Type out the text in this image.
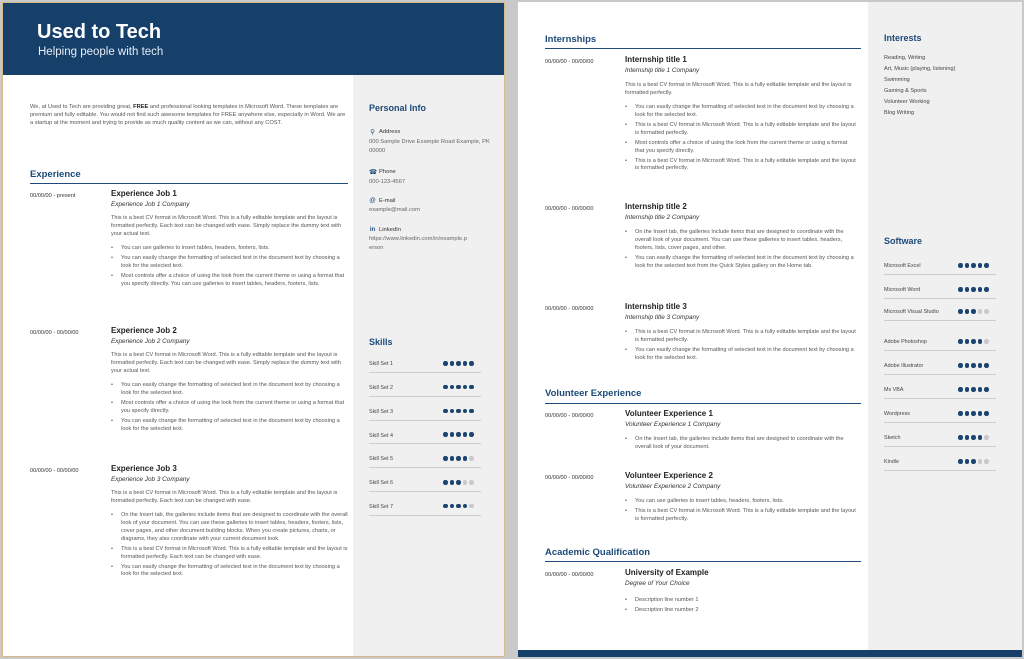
Used to Tech
Helping people with tech
We, at Used to Tech are providing great, FREE and professional looking templates in Microsoft Word. These templates are premium and fully editable. You would not find such awesome templates for FREE anywhere else, especially in Word. We are a startup at the moment and trying to provide as much quality content as we can, without any COST.
Experience
00/00/00 - present	Experience Job 1
Experience Job 1 Company
This is a best CV format in Microsoft Word. This is a fully editable template and the layout is formatted perfectly. Each text can be changed with ease. Simply replace the dummy text with your actual text.
• You can use galleries to insert tables, headers, footers, lists.
• You can easily change the formatting of selected text in the document text by choosing a look for the selected text.
• Most controls offer a choice of using the look from the current theme or using a format that you specify directly. You can use galleries to insert tables, headers, footers, lists.
00/00/00 - 00/00/00	Experience Job 2
Experience Job 2 Company
This is a best CV format in Microsoft Word. This is a fully editable template and the layout is formatted perfectly. Each text can be changed with ease. Simply replace the dummy text with your actual text.
• You can easily change the formatting of selected text in the document text by choosing a look for the selected text.
• Most controls offer a choice of using the look from the current theme or using a format that you specify directly.
• You can easily change the formatting of selected text in the document text by choosing a look for the selected text.
00/00/00 - 00/00/00	Experience Job 3
Experience Job 3 Company
This is a best CV format in Microsoft Word. This is a fully editable template and the layout is formatted perfectly. Each text can be changed with ease.
• On the Insert tab, the galleries include items that are designed to coordinate with the overall look of your document. You can use these galleries to insert tables, headers, footers, lists, cover pages, and other document building blocks. When you create pictures, charts, or diagrams, they also coordinate with your current document look.
• This is a best CV format in Microsoft Word. This is a fully editable template and the layout is formatted perfectly. Each text can be changed with ease.
• You can easily change the formatting of selected text in the document text by choosing a look for the selected text.
Personal Info
⚲ Address
000 Sample Drive Example Road Example, PK 00000
☎ Phone
000-123-4567
@ E-mail
example@mail.com
in LinkedIn
https://www.linkedin.com/in/example.person
Skills
Skill Set 1
Skill Set 2
Skill Set 3
Skill Set 4
Skill Set 5
Skill Set 6
Skill Set 7
Internships
00/00/00 - 00/00/00	Internship title 1
Internship title 1 Company
This is a best CV format in Microsoft Word. This is a fully editable template and the layout is formatted perfectly.
• You can easily change the formatting of selected text in the document text by choosing a look for the selected text.
• This is a best CV format in Microsoft Word. This is a fully editable template and the layout is formatted perfectly.
• Most controls offer a choice of using the look from the current theme or using a format that you specify directly.
• This is a best CV format in Microsoft Word. This is a fully editable template and the layout is formatted perfectly.
00/00/00 - 00/00/00	Internship title 2
Internship title 2 Company
• On the Insert tab, the galleries include items that are designed to coordinate with the overall look of your document. You can use these galleries to insert tables, headers, footers, lists, cover pages, and other.
• You can easily change the formatting of selected text in the document text by choosing a look for the selected text from the Quick Styles gallery on the Home tab.
00/00/00 - 00/00/00	Internship title 3
Internship title 3 Company
• This is a best CV format in Microsoft Word. This is a fully editable template and the layout is formatted perfectly.
• You can easily change the formatting of selected text in the document text by choosing a look for the selected text.
Volunteer Experience
00/00/00 - 00/00/00	Volunteer Experience 1
Volunteer Experience 1 Company
• On the Insert tab, the galleries include items that are designed to coordinate with the overall look of your document.
00/00/00 - 00/00/00	Volunteer Experience 2
Volunteer Experience 2 Company
• You can use galleries to insert tables, headers, footers, lists.
• This is a best CV format in Microsoft Word. This is a fully editable template and the layout is formatted perfectly.
Academic Qualification
00/00/00 - 00/00/00	University of Example
Degree of Your Choice
• Description line number 1
• Description line number 2
Interests
Reading, Writing
Art, Music (playing, listening)
Swimming
Gaming & Sports
Volunteer Working
Blog Writing
Software
Microsoft Excel
Microsoft Word
Microsoft Visual Studio
Adobe Photoshop
Adobe Illustrator
Ms VBA
Wordpress
Sketch
Kindle
